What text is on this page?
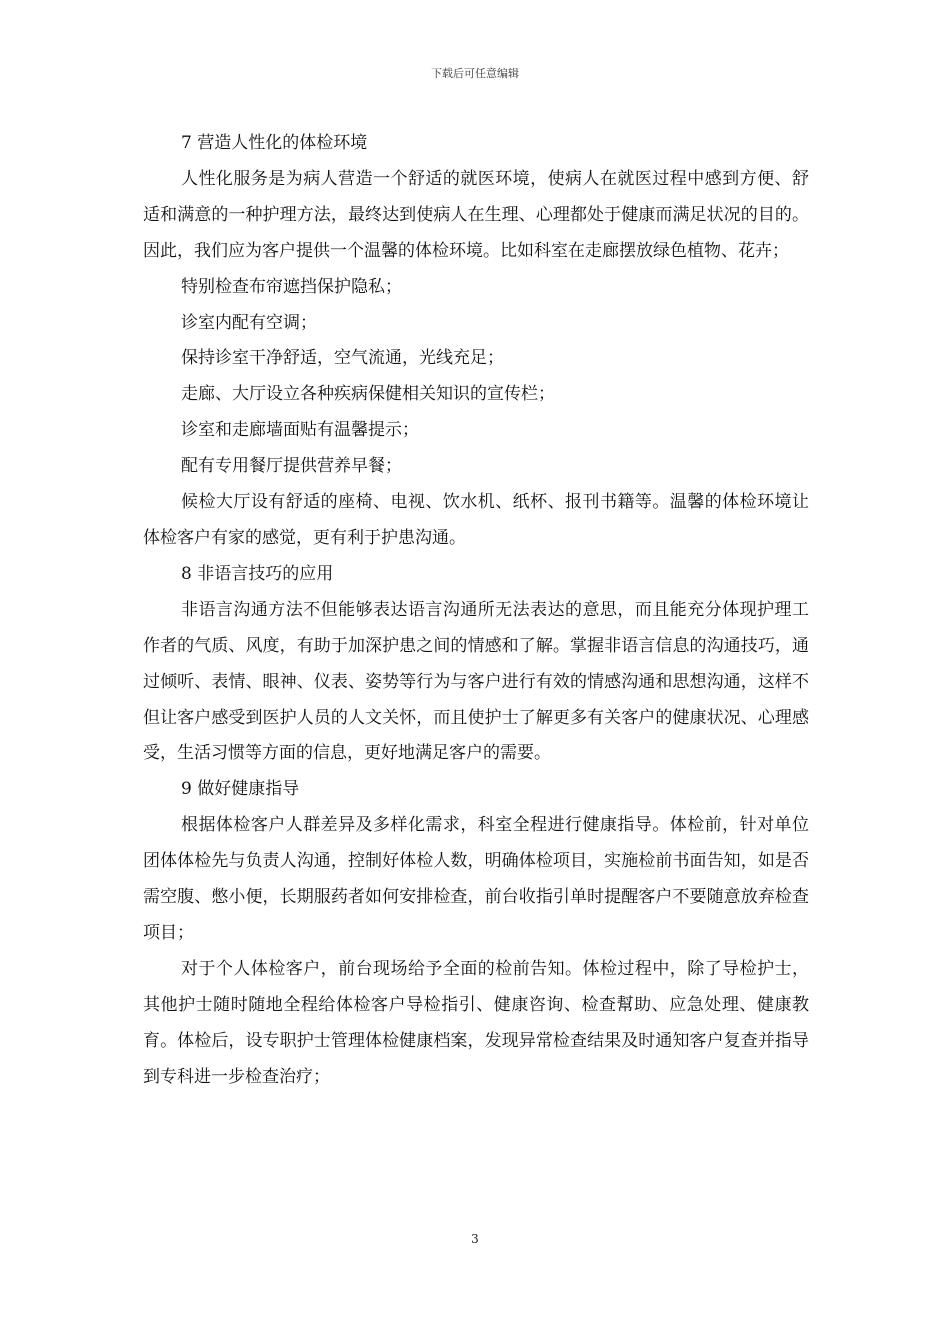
下载后可任意编辑

7 营造人性化的体检环境

人性化服务是为病人营造一个舒适的就医环境，使病人在就医过程中感到方便、舒适和满意的一种护理方法，最终达到使病人在生理、心理都处于健康而满足状况的目的。因此，我们应为客户提供一个温馨的体检环境。比如科室在走廊摆放绿色植物、花卉；

特别检查布帘遮挡保护隐私；

诊室内配有空调；

保持诊室干净舒适，空气流通，光线充足；

走廊、大厅设立各种疾病保健相关知识的宣传栏；

诊室和走廊墙面贴有温馨提示；

配有专用餐厅提供营养早餐；

候检大厅设有舒适的座椅、电视、饮水机、纸杯、报刊书籍等。温馨的体检环境让体检客户有家的感觉，更有利于护患沟通。

8 非语言技巧的应用

非语言沟通方法不但能够表达语言沟通所无法表达的意思，而且能充分体现护理工作者的气质、风度，有助于加深护患之间的情感和了解。掌握非语言信息的沟通技巧，通过倾听、表情、眼神、仪表、姿势等行为与客户进行有效的情感沟通和思想沟通，这样不但让客户感受到医护人员的人文关怀，而且使护士了解更多有关客户的健康状况、心理感受，生活习惯等方面的信息，更好地满足客户的需要。

9 做好健康指导

根据体检客户人群差异及多样化需求，科室全程进行健康指导。体检前，针对单位团体体检先与负责人沟通，控制好体检人数，明确体检项目，实施检前书面告知，如是否需空腹、憋小便，长期服药者如何安排检查，前台收指引单时提醒客户不要随意放弃检查项目；

对于个人体检客户，前台现场给予全面的检前告知。体检过程中，除了导检护士，其他护士随时随地全程给体检客户导检指引、健康咨询、检查幫助、应急处理、健康教育。体检后，设专职护士管理体检健康档案，发现异常检查结果及时通知客户复查并指导到专科进一步检查治疗；

3
